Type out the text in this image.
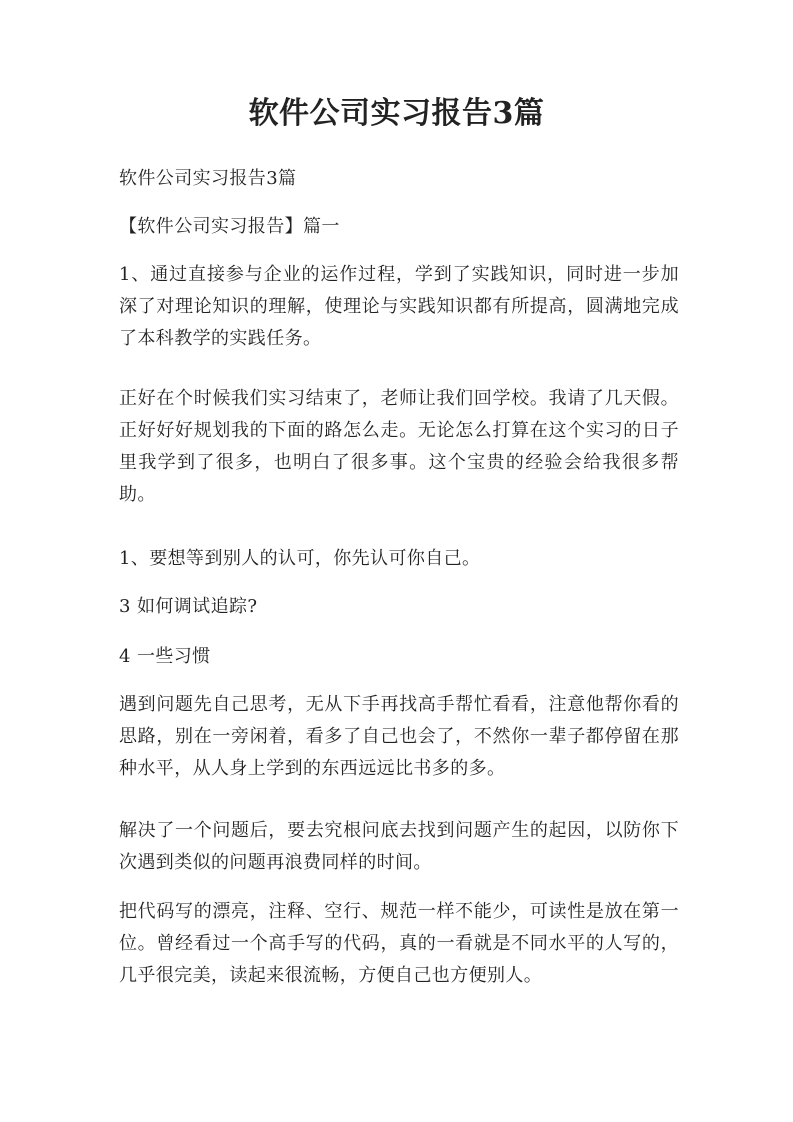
软件公司实习报告3篇

软件公司实习报告3篇

【软件公司实习报告】篇一

1、通过直接参与企业的运作过程，学到了实践知识，同时进一步加深了对理论知识的理解，使理论与实践知识都有所提高，圆满地完成了本科教学的实践任务。

正好在个时候我们实习结束了，老师让我们回学校。我请了几天假。正好好好规划我的下面的路怎么走。无论怎么打算在这个实习的日子里我学到了很多，也明白了很多事。这个宝贵的经验会给我很多帮助。

1、要想等到别人的认可，你先认可你自己。

3 如何调试追踪?

4 一些习惯

遇到问题先自己思考，无从下手再找高手帮忙看看，注意他帮你看的思路，别在一旁闲着，看多了自己也会了，不然你一辈子都停留在那种水平，从人身上学到的东西远远比书多的多。

解决了一个问题后，要去究根问底去找到问题产生的起因，以防你下次遇到类似的问题再浪费同样的时间。

把代码写的漂亮，注释、空行、规范一样不能少，可读性是放在第一位。曾经看过一个高手写的代码，真的一看就是不同水平的人写的，几乎很完美，读起来很流畅，方便自己也方便别人。
